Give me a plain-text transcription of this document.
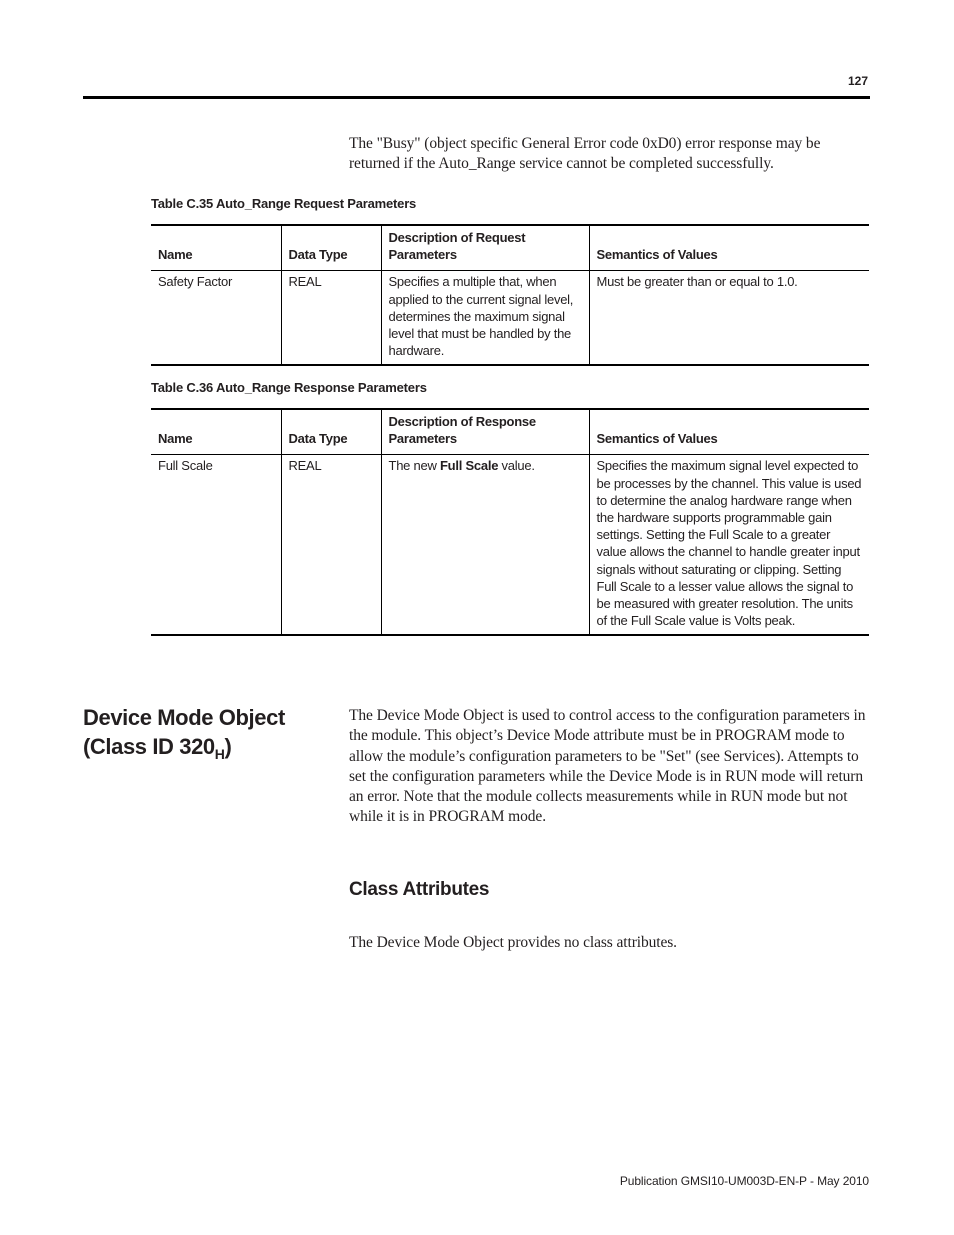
127

The "Busy" (object specific General Error code 0xD0) error response may be returned if the Auto_Range service cannot be completed successfully.

Table C.35 Auto_Range Request Parameters
Name	Data Type	Description of Request Parameters	Semantics of Values
Safety Factor	REAL	Specifies a multiple that, when applied to the current signal level, determines the maximum signal level that must be handled by the hardware.	Must be greater than or equal to 1.0.
Table C.36 Auto_Range Response Parameters
Name	Data Type	Description of Response Parameters	Semantics of Values
Full Scale	REAL	The new Full Scale value.	Specifies the maximum signal level expected to be processes by the channel. This value is used to determine the analog hardware range when the hardware supports programmable gain settings. Setting the Full Scale to a greater value allows the channel to handle greater input signals without saturating or clipping. Setting Full Scale to a lesser value allows the signal to be measured with greater resolution. The units of the Full Scale value is Volts peak.
Device Mode Object
(Class ID $320_H$)

The Device Mode Object is used to control access to the configuration parameters in the module. This object’s Device Mode attribute must be in PROGRAM mode to allow the module’s configuration parameters to be "Set" (see Services). Attempts to set the configuration parameters while the Device Mode is in RUN mode will return an error. Note that the module collects measurements while in RUN mode but not while it is in PROGRAM mode.

Class Attributes

The Device Mode Object provides no class attributes.

Publication GMSI10-UM003D-EN-P - May 2010
